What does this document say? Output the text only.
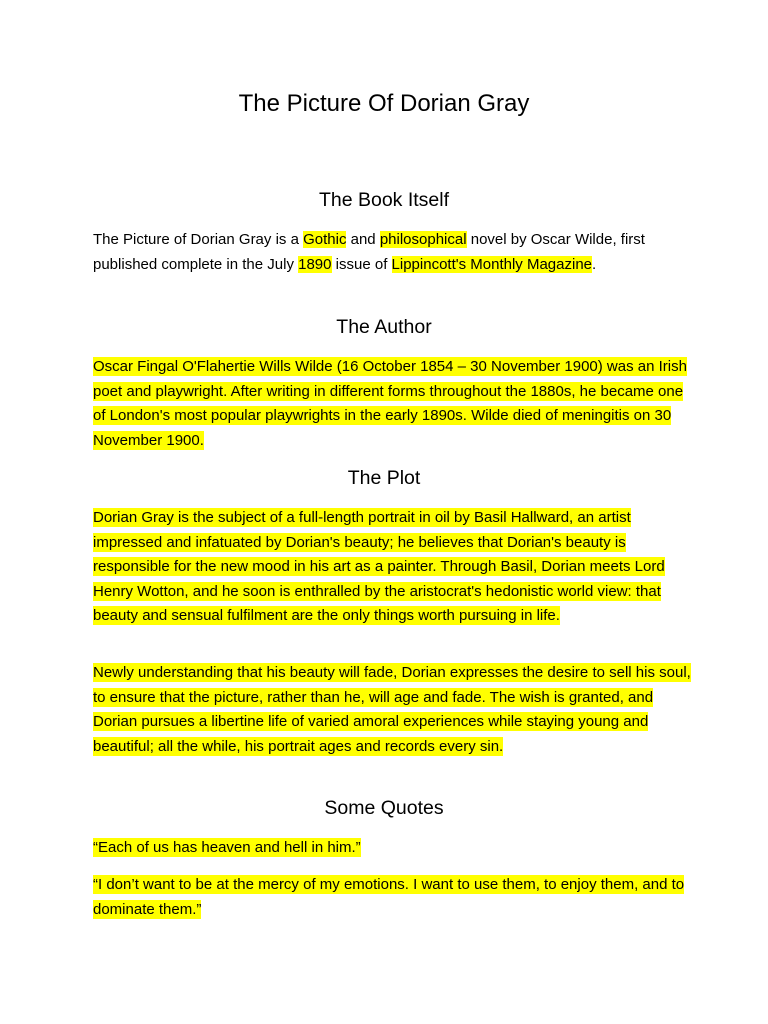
The Picture Of Dorian Gray
The Book Itself

The Picture of Dorian Gray is a Gothic and philosophical novel by Oscar Wilde, first published complete in the July 1890 issue of Lippincott's Monthly Magazine.

The Author

Oscar Fingal O'Flahertie Wills Wilde (16 October 1854 – 30 November 1900) was an Irish poet and playwright. After writing in different forms throughout the 1880s, he became one of London's most popular playwrights in the early 1890s. Wilde died of meningitis on 30 November 1900.

The Plot

Dorian Gray is the subject of a full-length portrait in oil by Basil Hallward, an artist impressed and infatuated by Dorian's beauty; he believes that Dorian's beauty is responsible for the new mood in his art as a painter. Through Basil, Dorian meets Lord Henry Wotton, and he soon is enthralled by the aristocrat's hedonistic world view: that beauty and sensual fulfilment are the only things worth pursuing in life.

Newly understanding that his beauty will fade, Dorian expresses the desire to sell his soul, to ensure that the picture, rather than he, will age and fade. The wish is granted, and Dorian pursues a libertine life of varied amoral experiences while staying young and beautiful; all the while, his portrait ages and records every sin.

Some Quotes

“Each of us has heaven and hell in him.”

“I don’t want to be at the mercy of my emotions. I want to use them, to enjoy them, and to dominate them.”
